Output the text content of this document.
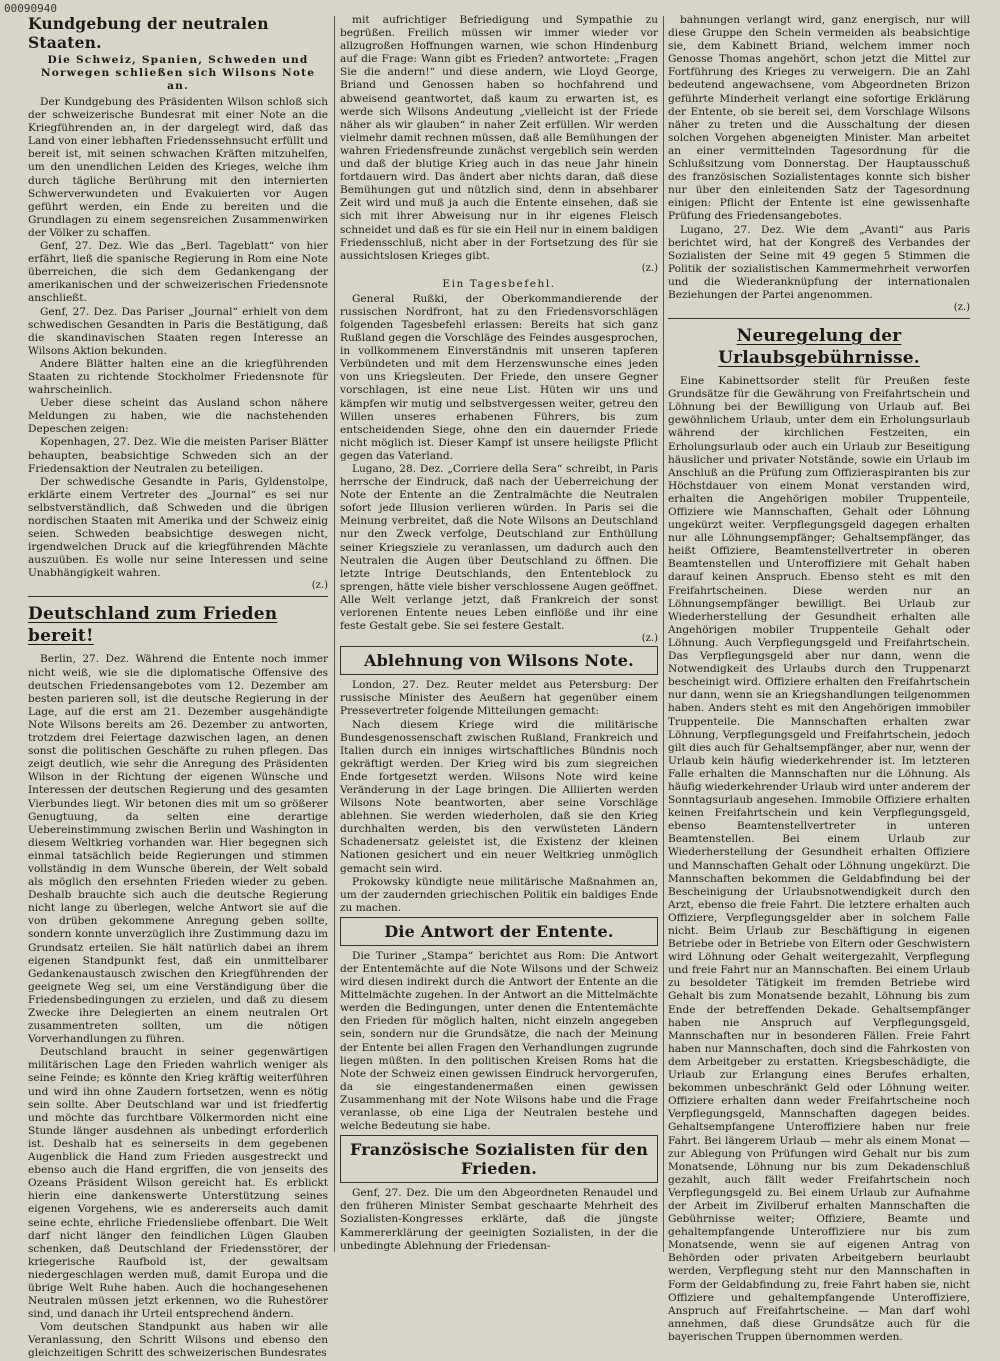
00090940
Kundgebung der neutralen Staaten.
Die Schweiz, Spanien, Schweden und Norwegen schließen sich Wilsons Note an.

Der Kundgebung des Präsidenten Wilson schloß sich der schweizerische Bundesrat mit einer Note an die Kriegführenden an, in der dargelegt wird, daß das Land von einer lebhaften Friedenssehnsucht erfüllt und bereit ist, mit seinen schwachen Kräften mitzuhelfen, um den unendlichen Leiden des Krieges, welche ihm durch tägliche Berührung mit den internierten Schwerverwundeten und Evakuierten vor Augen geführt werden, ein Ende zu bereiten und die Grundlagen zu einem segensreichen Zusammenwirken der Völker zu schaffen.

Genf, 27. Dez. Wie das „Berl. Tageblatt“ von hier erfährt, ließ die spanische Regierung in Rom eine Note überreichen, die sich dem Gedankengang der amerikanischen und der schweizerischen Friedensnote anschließt.

Genf, 27. Dez. Das Pariser „Journal“ erhielt von dem schwedischen Gesandten in Paris die Bestätigung, daß die skandinavischen Staaten regen Interesse an Wilsons Aktion bekunden.

Andere Blätter halten eine an die kriegführenden Staaten zu richtende Stockholmer Friedensnote für wahrscheinlich.

Ueber diese scheint das Ausland schon nähere Meldungen zu haben, wie die nachstehenden Depeschen zeigen:

Kopenhagen, 27. Dez. Wie die meisten Pariser Blätter behaupten, beabsichtige Schweden sich an der Friedensaktion der Neutralen zu beteiligen.

Der schwedische Gesandte in Paris, Gyldenstolpe, erklärte einem Vertreter des „Journal“ es sei nur selbstverständlich, daß Schweden und die übrigen nordischen Staaten mit Amerika und der Schweiz einig seien. Schweden beabsichtige deswegen nicht, irgendwelchen Druck auf die kriegführenden Mächte auszuüben. Es wolle nur seine Interessen und seine Unabhängigkeit wahren.

(z.)
Deutschland zum Frieden bereit!

Berlin, 27. Dez. Während die Entente noch immer nicht weiß, wie sie die diplomatische Offensive des deutschen Friedensangebotes vom 12. Dezember am besten parieren soll, ist die deutsche Regierung in der Lage, auf die erst am 21. Dezember ausgehändigte Note Wilsons bereits am 26. Dezember zu antworten, trotzdem drei Feiertage dazwischen lagen, an denen sonst die politischen Geschäfte zu ruhen pflegen. Das zeigt deutlich, wie sehr die Anregung des Präsidenten Wilson in der Richtung der eigenen Wünsche und Interessen der deutschen Regierung und des gesamten Vierbundes liegt. Wir betonen dies mit um so größerer Genugtuung, da selten eine derartige Uebereinstimmung zwischen Berlin und Washington in diesem Weltkrieg vorhanden war. Hier begegnen sich einmal tatsächlich beide Regierungen und stimmen vollständig in dem Wunsche überein, der Welt sobald als möglich den ersehnten Frieden wieder zu geben. Deshalb brauchte sich auch die deutsche Regierung nicht lange zu überlegen, welche Antwort sie auf die von drüben gekommene Anregung geben sollte, sondern konnte unverzüglich ihre Zustimmung dazu im Grundsatz erteilen. Sie hält natürlich dabei an ihrem eigenen Standpunkt fest, daß ein unmittelbarer Gedankenaustausch zwischen den Kriegführenden der geeignete Weg sei, um eine Verständigung über die Friedensbedingungen zu erzielen, und daß zu diesem Zwecke ihre Delegierten an einem neutralen Ort zusammentreten sollten, um die nötigen Vorverhandlungen zu führen.

Deutschland braucht in seiner gegenwärtigen militärischen Lage den Frieden wahrlich weniger als seine Feinde; es könnte den Krieg kräftig weiterführen und wird ihn ohne Zaudern fortsetzen, wenn es nötig sein sollte. Aber Deutschland war und ist friedfertig und möchte das furchtbare Völkermorden nicht eine Stunde länger ausdehnen als unbedingt erforderlich ist. Deshalb hat es seinerseits in dem gegebenen Augenblick die Hand zum Frieden ausgestreckt und ebenso auch die Hand ergriffen, die von jenseits des Ozeans Präsident Wilson gereicht hat. Es erblickt hierin eine dankenswerte Unterstützung seines eigenen Vorgehens, wie es andererseits auch damit seine echte, ehrliche Friedensliebe offenbart. Die Welt darf nicht länger den feindlichen Lügen Glauben schenken, daß Deutschland der Friedensstörer, der kriegerische Raufbold ist, der gewaltsam niedergeschlagen werden muß, damit Europa und die übrige Welt Ruhe haben. Auch die hochangesehenen Neutralen müssen jetzt erkennen, wo die Ruhestörer sind, und danach ihr Urteil entsprechend ändern.

Vom deutschen Standpunkt aus haben wir alle Veranlassung, den Schritt Wilsons und ebenso den gleichzeitigen Schritt des schweizerischen Bundesrates

mit aufrichtiger Befriedigung und Sympathie zu begrüßen. Freilich müssen wir immer wieder vor allzugroßen Hoffnungen warnen, wie schon Hindenburg auf die Frage: Wann gibt es Frieden? antwortete: „Fragen Sie die andern!“ und diese andern, wie Lloyd George, Briand und Genossen haben so hochfahrend und abweisend geantwortet, daß kaum zu erwarten ist, es werde sich Wilsons Andeutung „vielleicht ist der Friede näher als wir glauben“ in naher Zeit erfüllen. Wir werden vielmehr damit rechnen müssen, daß alle Bemühungen der wahren Friedensfreunde zunächst vergeblich sein werden und daß der blutige Krieg auch in das neue Jahr hinein fortdauern wird. Das ändert aber nichts daran, daß diese Bemühungen gut und nützlich sind, denn in absehbarer Zeit wird und muß ja auch die Entente einsehen, daß sie sich mit ihrer Abweisung nur in ihr eigenes Fleisch schneidet und daß es für sie ein Heil nur in einem baldigen Friedensschluß, nicht aber in der Fortsetzung des für sie aussichtslosen Krieges gibt.

(z.)
Ein Tagesbefehl.

General Rußki, der Oberkommandierende der russischen Nordfront, hat zu den Friedensvorschlägen folgenden Tagesbefehl erlassen: Bereits hat sich ganz Rußland gegen die Vorschläge des Feindes ausgesprochen, in vollkommenem Einverständnis mit unseren tapferen Verbündeten und mit dem Herzenswunsche eines jeden von uns Kriegsleuten. Der Friede, den unsere Gegner vorschlagen, ist eine neue List. Hüten wir uns und kämpfen wir mutig und selbstvergessen weiter, getreu den Willen unseres erhabenen Führers, bis zum entscheidenden Siege, ohne den ein dauernder Friede nicht möglich ist. Dieser Kampf ist unsere heiligste Pflicht gegen das Vaterland.

Lugano, 28. Dez. „Corriere della Sera“ schreibt, in Paris herrsche der Eindruck, daß nach der Ueberreichung der Note der Entente an die Zentralmächte die Neutralen sofort jede Illusion verlieren würden. In Paris sei die Meinung verbreitet, daß die Note Wilsons an Deutschland nur den Zweck verfolge, Deutschland zur Enthüllung seiner Kriegsziele zu veranlassen, um dadurch auch den Neutralen die Augen über Deutschland zu öffnen. Die letzte Intrige Deutschlands, den Ententeblock zu sprengen, hätte viele bisher verschlossene Augen geöffnet. Alle Welt verlange jetzt, daß Frankreich der sonst verlorenen Entente neues Leben einflöße und ihr eine feste Gestalt gebe. Sie sei festere Gestalt.

(z.)
Ablehnung von Wilsons Note.

London, 27. Dez. Reuter meldet aus Petersburg: Der russische Minister des Aeußern hat gegenüber einem Pressevertreter folgende Mitteilungen gemacht:

Nach diesem Kriege wird die militärische Bundesgenossenschaft zwischen Rußland, Frankreich und Italien durch ein inniges wirtschaftliches Bündnis noch gekräftigt werden. Der Krieg wird bis zum siegreichen Ende fortgesetzt werden. Wilsons Note wird keine Veränderung in der Lage bringen. Die Alliierten werden Wilsons Note beantworten, aber seine Vorschläge ablehnen. Sie werden wiederholen, daß sie den Krieg durchhalten werden, bis den verwüsteten Ländern Schadenersatz geleistet ist, die Existenz der kleinen Nationen gesichert und ein neuer Weltkrieg unmöglich gemacht sein wird.

Prokowsky kündigte neue militärische Maßnahmen an, um der zaudernden griechischen Politik ein baldiges Ende zu machen.

Die Antwort der Entente.

Die Turiner „Stampa“ berichtet aus Rom: Die Antwort der Ententemächte auf die Note Wilsons und der Schweiz wird diesen indirekt durch die Antwort der Entente an die Mittelmächte zugehen. In der Antwort an die Mittelmächte werden die Bedingungen, unter denen die Ententemächte den Frieden für möglich halten, nicht einzeln angegeben sein, sondern nur die Grundsätze, die nach der Meinung der Entente bei allen Fragen den Verhandlungen zugrunde liegen müßten. In den politischen Kreisen Roms hat die Note der Schweiz einen gewissen Eindruck hervorgerufen, da sie eingestandenermaßen einen gewissen Zusammenhang mit der Note Wilsons habe und die Frage veranlasse, ob eine Liga der Neutralen bestehe und welche Bedeutung sie habe.

Französische Sozialisten für den Frieden.

Genf, 27. Dez. Die um den Abgeordneten Renaudel und den früheren Minister Sembat geschaarte Mehrheit des Sozialisten-Kongresses erklärte, daß die jüngste Kammererklärung der geeinigten Sozialisten, in der die unbedingte Ablehnung der Friedensan-

bahnungen verlangt wird, ganz energisch, nur will diese Gruppe den Schein vermeiden als beabsichtige sie, dem Kabinett Briand, welchem immer noch Genosse Thomas angehört, schon jetzt die Mittel zur Fortführung des Krieges zu verweigern. Die an Zahl bedeutend angewachsene, vom Abgeordneten Brizon geführte Minderheit verlangt eine sofortige Erklärung der Entente, ob sie bereit sei, dem Vorschlage Wilsons näher zu treten und die Ausschaltung der diesen solchen Vorgehen abgeneigten Minister. Man arbeitet an einer vermittelnden Tagesordnung für die Schlußsitzung vom Donnerstag. Der Hauptausschuß des französischen Sozialistentages konnte sich bisher nur über den einleitenden Satz der Tagesordnung einigen: Pflicht der Entente ist eine gewissenhafte Prüfung des Friedensangebotes.

Lugano, 27. Dez. Wie dem „Avanti“ aus Paris berichtet wird, hat der Kongreß des Verbandes der Sozialisten der Seine mit 49 gegen 5 Stimmen die Politik der sozialistischen Kammermehrheit verworfen und die Wiederanknüpfung der internationalen Beziehungen der Partei angenommen.

(z.)
Neuregelung der Urlaubsgebührnisse.

Eine Kabinettsorder stellt für Preußen feste Grundsätze für die Gewährung von Freifahrtschein und Löhnung bei der Bewilligung von Urlaub auf. Bei gewöhnlichem Urlaub, unter dem ein Erholungsurlaub während der kirchlichen Festzeiten, ein Erholungsurlaub oder auch ein Urlaub zur Beseitigung häuslicher und privater Notstände, sowie ein Urlaub im Anschluß an die Prüfung zum Offizieraspiranten bis zur Höchstdauer von einem Monat verstanden wird, erhalten die Angehörigen mobiler Truppenteile, Offiziere wie Mannschaften, Gehalt oder Löhnung ungekürzt weiter. Verpflegungsgeld dagegen erhalten nur alle Löhnungsempfänger; Gehaltsempfänger, das heißt Offiziere, Beamtenstellvertreter in oberen Beamtenstellen und Unteroffiziere mit Gehalt haben darauf keinen Anspruch. Ebenso steht es mit den Freifahrtscheinen. Diese werden nur an Löhnungsempfänger bewilligt. Bei Urlaub zur Wiederherstellung der Gesundheit erhalten alle Angehörigen mobiler Truppenteile Gehalt oder Löhnung. Auch Verpflegungsgeld und Freifahrtschein. Das Verpflegungsgeld aber nur dann, wenn die Notwendigkeit des Urlaubs durch den Truppenarzt bescheinigt wird. Offiziere erhalten den Freifahrtschein nur dann, wenn sie an Kriegshandlungen teilgenommen haben. Anders steht es mit den Angehörigen immobiler Truppenteile. Die Mannschaften erhalten zwar Löhnung, Verpflegungsgeld und Freifahrtschein, jedoch gilt dies auch für Gehaltsempfänger, aber nur, wenn der Urlaub kein häufig wiederkehrender ist. Im letzteren Falle erhalten die Mannschaften nur die Löhnung. Als häufig wiederkehrender Urlaub wird unter anderem der Sonntagsurlaub angesehen. Immobile Offiziere erhalten keinen Freifahrtschein und kein Verpflegungsgeld, ebenso Beamtenstellvertreter in unteren Beamtenstellen. Bei einem Urlaub zur Wiederherstellung der Gesundheit erhalten Offiziere und Mannschaften Gehalt oder Löhnung ungekürzt. Die Mannschaften bekommen die Geldabfindung bei der Bescheinigung der Urlaubsnotwendigkeit durch den Arzt, ebenso die freie Fahrt. Die letztere erhalten auch Offiziere, Verpflegungsgelder aber in solchem Falle nicht. Beim Urlaub zur Beschäftigung in eigenen Betriebe oder in Betriebe von Eltern oder Geschwistern wird Löhnung oder Gehalt weitergezahlt, Verpflegung und freie Fahrt nur an Mannschaften. Bei einem Urlaub zu besoldeter Tätigkeit im fremden Betriebe wird Gehalt bis zum Monatsende bezahlt, Löhnung bis zum Ende der betreffenden Dekade. Gehaltsempfänger haben nie Anspruch auf Verpflegungsgeld, Mannschaften nur in besonderen Fällen. Freie Fahrt haben nur Mannschaften, doch sind die Fahrkosten von dem Arbeitgeber zu erstatten. Kriegsbeschädigte, die Urlaub zur Erlangung eines Berufes erhalten, bekommen unbeschränkt Geld oder Löhnung weiter. Offiziere erhalten dann weder Freifahrtscheine noch Verpflegungsgeld, Mannschaften dagegen beides. Gehaltsempfangene Unteroffiziere haben nur freie Fahrt. Bei längerem Urlaub — mehr als einem Monat — zur Ablegung von Prüfungen wird Gehalt nur bis zum Monatsende, Löhnung nur bis zum Dekadenschluß gezahlt, auch fällt weder Freifahrtschein noch Verpflegungsgeld zu. Bei einem Urlaub zur Aufnahme der Arbeit im Zivilberuf erhalten Mannschaften die Gebührnisse weiter; Offiziere, Beamte und gehaltempfangende Unteroffiziere nur bis zum Monatsende, wenn sie auf eigenen Antrag von Behörden oder privaten Arbeitgebern beurlaubt werden, Verpflegung steht nur den Mannschaften in Form der Geldabfindung zu, freie Fahrt haben sie, nicht Offiziere und gehaltempfangende Unteroffiziere, Anspruch auf Freifahrtscheine. — Man darf wohl annehmen, daß diese Grundsätze auch für die bayerischen Truppen übernommen werden.
